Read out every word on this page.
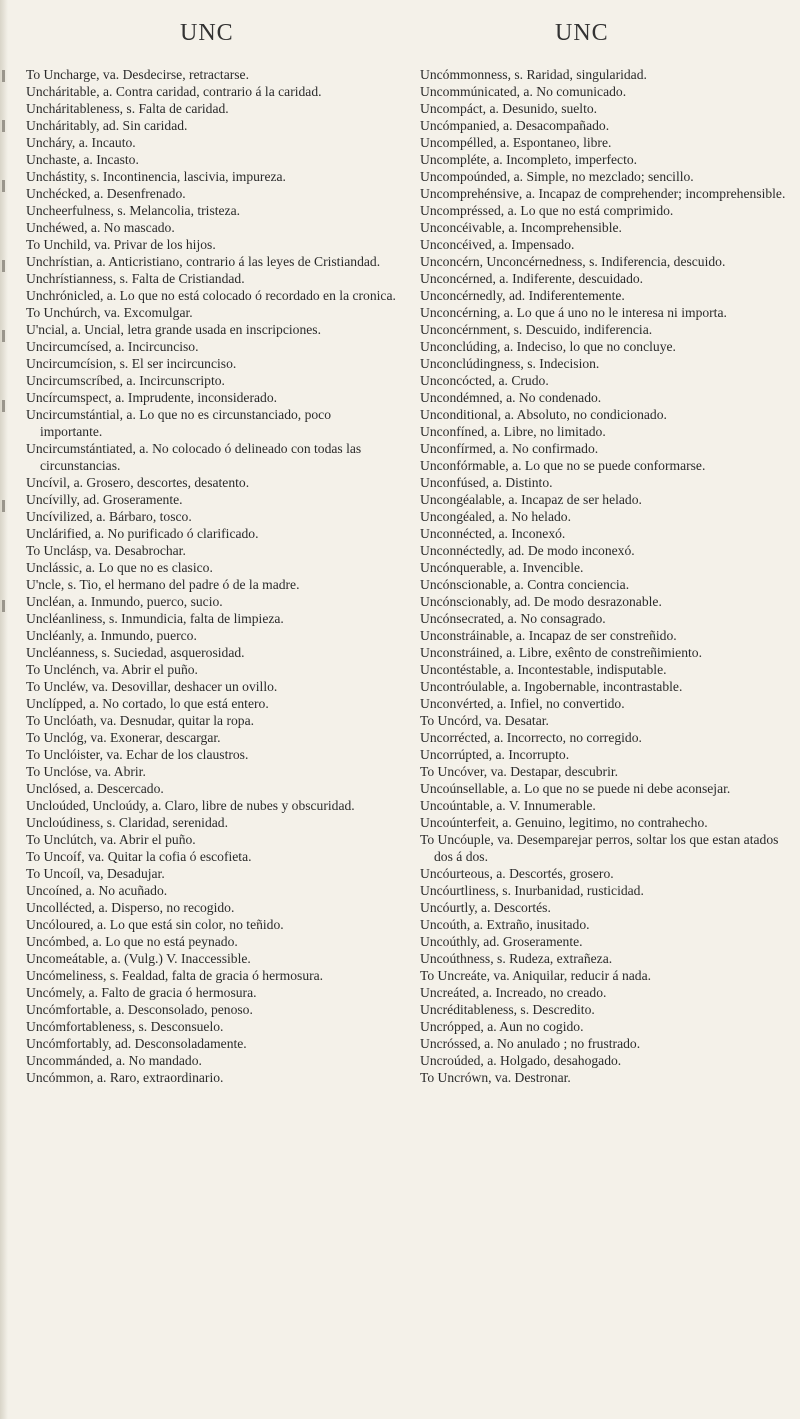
UNC	UNC

To Uncharge, va. Desdecirse, retractarse.

Uncháritable, a. Contra caridad, contrario á la caridad.

Uncháritableness, s. Falta de caridad.

Uncháritably, ad. Sin caridad.

Uncháry, a. Incauto.

Unchaste, a. Incasto.

Unchástity, s. Incontinencia, lascivia, impureza.

Unchécked, a. Desenfrenado.

Uncheerfulness, s. Melancolia, tristeza.

Unchéwed, a. No mascado.

To Unchild, va. Privar de los hijos.

Unchrístian, a. Anticristiano, contrario á las leyes de Cristiandad.

Unchrístianness, s. Falta de Cristiandad.

Unchrónicled, a. Lo que no está colocado ó recordado en la cronica.

To Unchúrch, va. Excomulgar.

U'ncial, a. Uncial, letra grande usada en inscripciones.

Uncircumcísed, a. Incircunciso.

Uncircumcísion, s. El ser incircunciso.

Uncircumscríbed, a. Incircunscripto.

Uncírcumspect, a. Imprudente, inconsiderado.

Uncircumstántial, a. Lo que no es circunstanciado, poco importante.

Uncircumstántiated, a. No colocado ó delineado con todas las circunstancias.

Uncívil, a. Grosero, descortes, desatento.

Uncívilly, ad. Groseramente.

Uncívilized, a. Bárbaro, tosco.

Unclárified, a. No purificado ó clarificado.

To Unclásp, va. Desabrochar.

Unclássic, a. Lo que no es clasico.

U'ncle, s. Tio, el hermano del padre ó de la madre.

Uncléan, a. Inmundo, puerco, sucio.

Uncléanliness, s. Inmundicia, falta de limpieza.

Uncléanly, a. Inmundo, puerco.

Uncléanness, s. Suciedad, asquerosidad.

To Unclénch, va. Abrir el puño.

To Uncléw, va. Desovillar, deshacer un ovillo.

Unclípped, a. No cortado, lo que está entero.

To Unclóath, va. Desnudar, quitar la ropa.

To Unclóg, va. Exonerar, descargar.

To Unclóister, va. Echar de los claustros.

To Unclóse, va. Abrir.

Unclósed, a. Descercado.

Uncloúded, Uncloúdy, a. Claro, libre de nubes y obscuridad.

Uncloúdiness, s. Claridad, serenidad.

To Unclútch, va. Abrir el puño.

To Uncoíf, va. Quitar la cofia ó escofieta.

To Uncoíl, va, Desadujar.

Uncoíned, a. No acuñado.

Uncollécted, a. Disperso, no recogido.

Uncóloured, a. Lo que está sin color, no teñido.

Uncómbed, a. Lo que no está peynado.

Uncomeátable, a. (Vulg.) V. Inaccessible.

Uncómeliness, s. Fealdad, falta de gracia ó hermosura.

Uncómely, a. Falto de gracia ó hermosura.

Uncómfortable, a. Desconsolado, penoso.

Uncómfortableness, s. Desconsuelo.

Uncómfortably, ad. Desconsoladamente.

Uncommánded, a. No mandado.

Uncómmon, a. Raro, extraordinario.

Uncómmonness, s. Raridad, singularidad.

Uncommúnicated, a. No comunicado.

Uncompáct, a. Desunido, suelto.

Uncómpanied, a. Desacompañado.

Uncompélled, a. Espontaneo, libre.

Uncompléte, a. Incompleto, imperfecto.

Uncompoúnded, a. Simple, no mezclado; sencillo.

Uncomprehénsive, a. Incapaz de comprehender; incomprehensible.

Uncompréssed, a. Lo que no está comprimido.

Unconcéivable, a. Incomprehensible.

Unconcéived, a. Impensado.

Unconcérn, Unconcérnedness, s. Indiferencia, descuido.

Unconcérned, a. Indiferente, descuidado.

Unconcérnedly, ad. Indiferentemente.

Unconcérning, a. Lo que á uno no le interesa ni importa.

Unconcérnment, s. Descuido, indiferencia.

Unconclúding, a. Indeciso, lo que no concluye.

Unconclúdingness, s. Indecision.

Unconcócted, a. Crudo.

Uncondémned, a. No condenado.

Unconditional, a. Absoluto, no condicionado.

Unconfíned, a. Libre, no limitado.

Unconfírmed, a. No confirmado.

Unconfórmable, a. Lo que no se puede conformarse.

Unconfúsed, a. Distinto.

Uncongéalable, a. Incapaz de ser helado.

Uncongéaled, a. No helado.

Unconnécted, a. Inconexó.

Unconnéctedly, ad. De modo inconexó.

Uncónquerable, a. Invencible.

Uncónscionable, a. Contra conciencia.

Uncónscionably, ad. De modo desrazonable.

Uncónsecrated, a. No consagrado.

Unconstráinable, a. Incapaz de ser constreñido.

Unconstráined, a. Libre, exênto de constreñimiento.

Uncontéstable, a. Incontestable, indisputable.

Uncontróulable, a. Ingobernable, incontrastable.

Unconvérted, a. Infiel, no convertido.

To Uncórd, va. Desatar.

Uncorrécted, a. Incorrecto, no corregido.

Uncorrúpted, a. Incorrupto.

To Uncóver, va. Destapar, descubrir.

Uncoúnsellable, a. Lo que no se puede ni debe aconsejar.

Uncoúntable, a. V. Innumerable.

Uncoúnterfeit, a. Genuino, legitimo, no contrahecho.

To Uncóuple, va. Desemparejar perros, soltar los que estan atados dos á dos.

Uncóurteous, a. Descortés, grosero.

Uncóurtliness, s. Inurbanidad, rusticidad.

Uncóurtly, a. Descortés.

Uncoúth, a. Extraño, inusitado.

Uncoúthly, ad. Groseramente.

Uncoúthness, s. Rudeza, extrañeza.

To Uncreáte, va. Aniquilar, reducir á nada.

Uncreáted, a. Increado, no creado.

Uncréditableness, s. Descredito.

Uncrópped, a. Aun no cogido.

Uncróssed, a. No anulado ; no frustrado.

Uncroúded, a. Holgado, desahogado.

To Uncrówn, va. Destronar.
